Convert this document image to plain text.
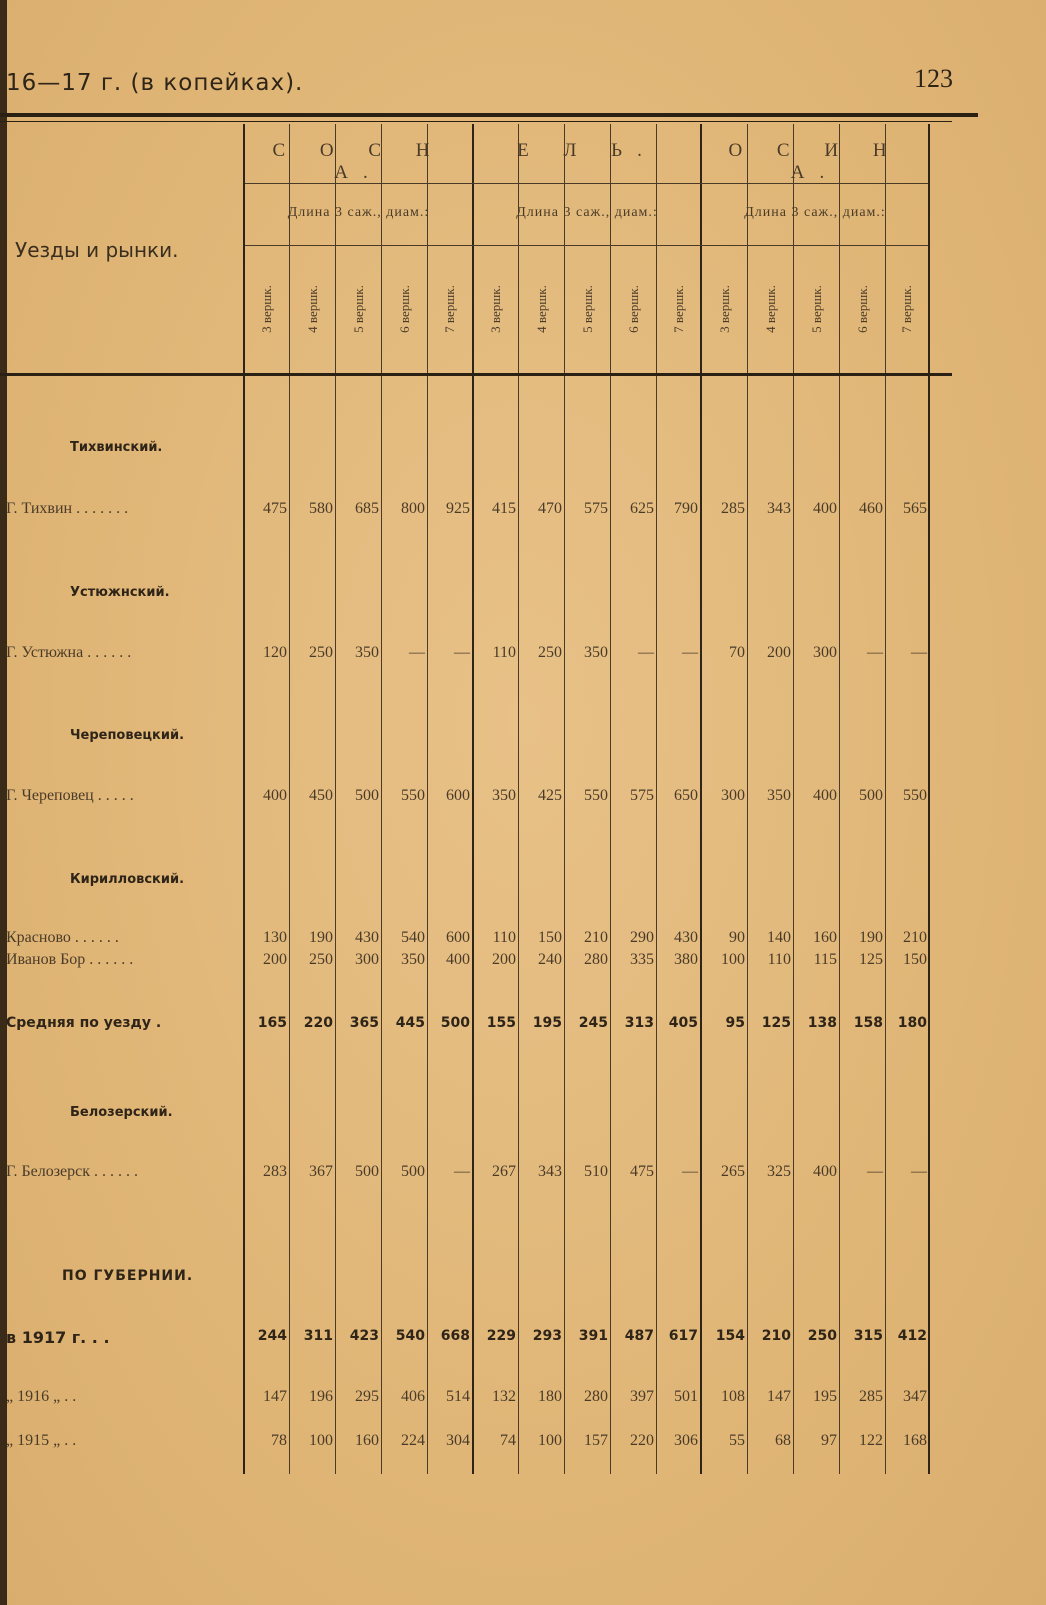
16—17 г. (в копейках).	123
Уезды и рынки.
С О С Н А.
Е Л Ь.	О С И Н А.
Длина 3 саж., диам.:	Длина 3 саж., диам.:	Длина 3 саж., диам.:
3 вершк. 4 вершк. 5 вершк. 6 вершк. 7 вершк. 3 вершк. 4 вершк. 5 вершк. 6 вершк. 7 вершк. 3 вершк. 4 вершк. 5 вершк. 6 вершк. 7 вершк.
Тихвинский.
Г. Тихвин . . . . . . .	475	580	685	800	925	415	470	575	625	790	285	343	400	460	565
Устюжнский.
Г. Устюжна . . . . . .	120	250	350	—	—	110	250	350	—	—	70	200	300	—	—
Череповецкий.
Г. Череповец . . . . .	400	450	500	550	600	350	425	550	575	650	300	350	400	500	550
Кирилловский.
Красново . . . . . .	130	190	430	540	600	110	150	210	290	430	90	140	160	190	210
Иванов Бор . . . . . .	200	250	300	350	400	200	240	280	335	380	100	110	115	125	150
Средняя по уезду .	165	220	365	445	500	155	195	245	313	405	95	125	138	158	180
Белозерский.
Г. Белозерск . . . . . .	283	367	500	500	—	267	343	510	475	—	265	325	400	—	—
ПО ГУБЕРНИИ.
в 1917 г. . .	244	311	423	540	668	229	293	391	487	617	154	210	250	315	412
„ 1916 „ . .	147	196	295	406	514	132	180	280	397	501	108	147	195	285	347
„ 1915 „ . .	78	100	160	224	304	74	100	157	220	306	55	68	97	122	168
